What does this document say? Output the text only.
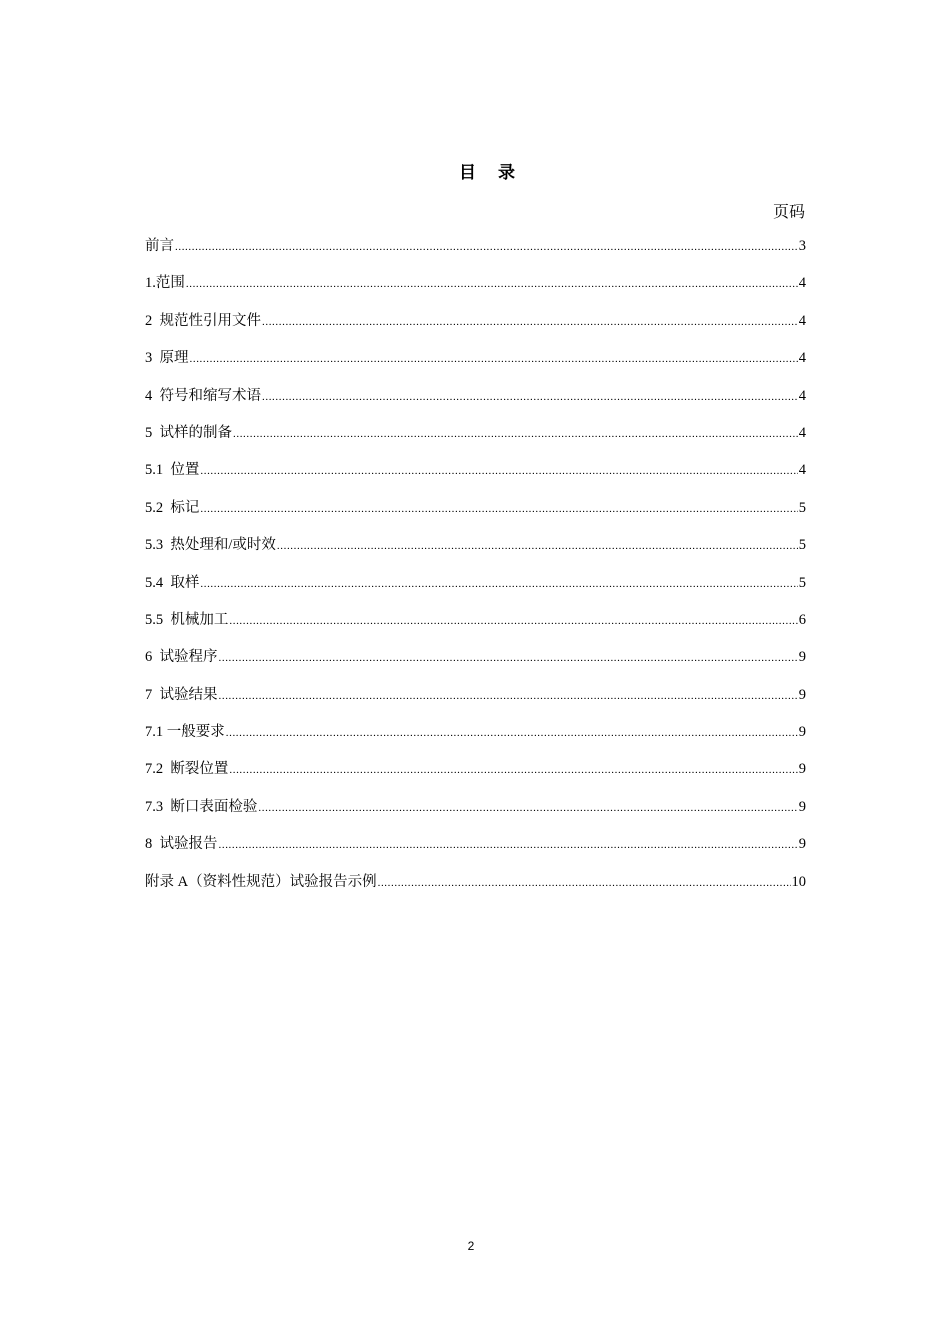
目 录
页码
前言 .....	3
1.范围 .....	4
2  规范性引用文件 .....	4
3  原理 .....	4
4  符号和缩写术语 .....	4
5  试样的制备 .....	4
5.1  位置 .....	4
5.2  标记 .....	5
5.3  热处理和/或时效 .....	5
5.4  取样 .....	5
5.5  机械加工 .....	6
6  试验程序 .....	9
7  试验结果 .....	9
7.1 一般要求 .....	9
7.2  断裂位置 .....	9
7.3  断口表面检验 .....	9
8  试验报告 .....	9
附录 A（资料性规范）试验报告示例 .....	10
2
